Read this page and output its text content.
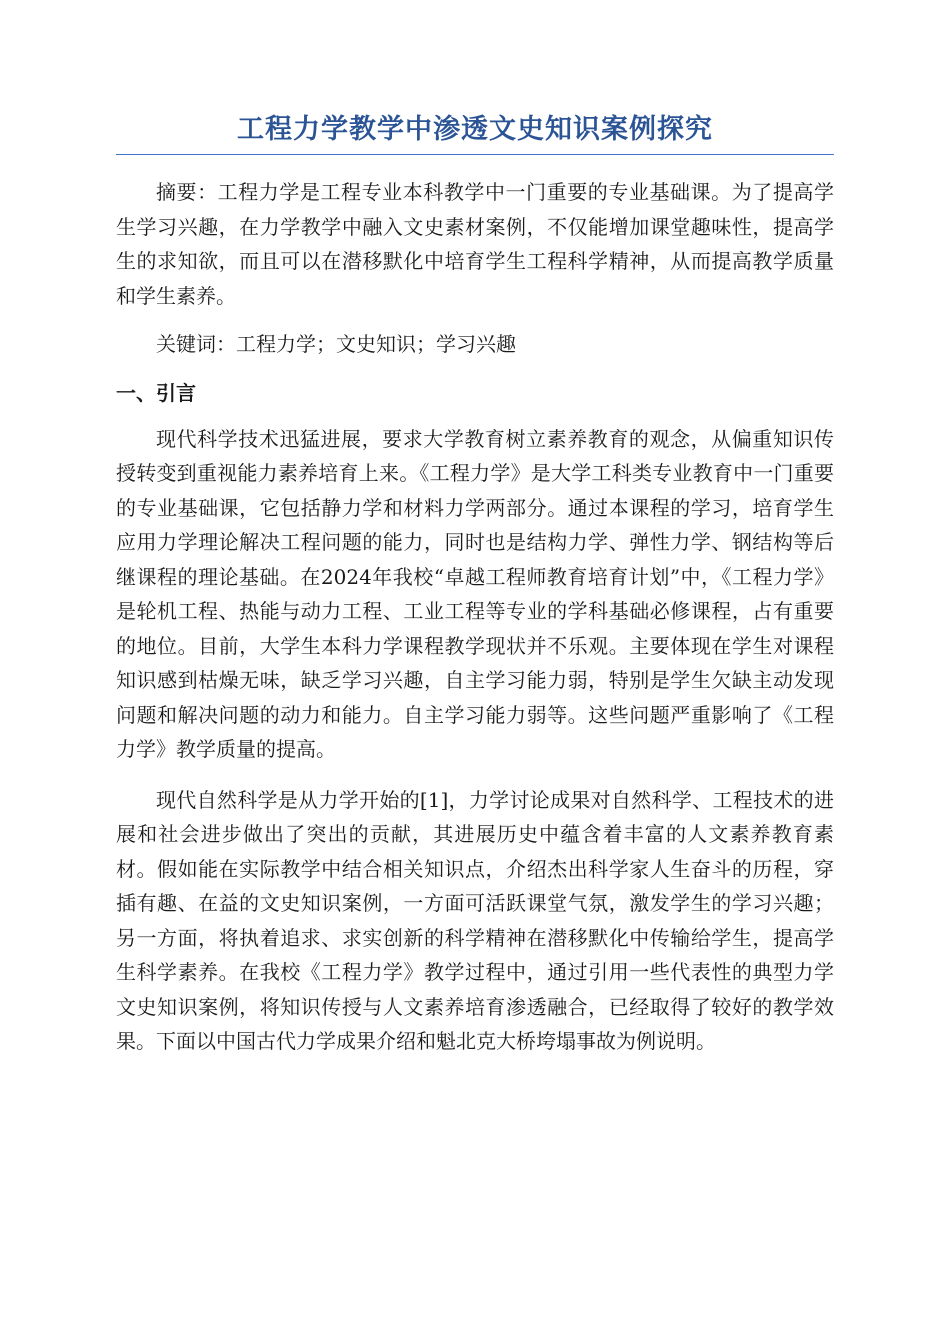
工程力学教学中渗透文史知识案例探究

摘要：工程力学是工程专业本科教学中一门重要的专业基础课。为了提高学生学习兴趣，在力学教学中融入文史素材案例，不仅能增加课堂趣味性，提高学生的求知欲，而且可以在潜移默化中培育学生工程科学精神，从而提高教学质量和学生素养。

关键词：工程力学；文史知识；学习兴趣

一、引言

现代科学技术迅猛进展，要求大学教育树立素养教育的观念，从偏重知识传授转变到重视能力素养培育上来。《工程力学》是大学工科类专业教育中一门重要的专业基础课，它包括静力学和材料力学两部分。通过本课程的学习，培育学生应用力学理论解决工程问题的能力，同时也是结构力学、弹性力学、钢结构等后继课程的理论基础。在2024年我校“卓越工程师教育培育计划”中，《工程力学》是轮机工程、热能与动力工程、工业工程等专业的学科基础必修课程，占有重要的地位。目前，大学生本科力学课程教学现状并不乐观。主要体现在学生对课程知识感到枯燥无味，缺乏学习兴趣，自主学习能力弱，特别是学生欠缺主动发现问题和解决问题的动力和能力。自主学习能力弱等。这些问题严重影响了《工程力学》教学质量的提高。

现代自然科学是从力学开始的[1]，力学讨论成果对自然科学、工程技术的进展和社会进步做出了突出的贡献，其进展历史中蕴含着丰富的人文素养教育素材。假如能在实际教学中结合相关知识点，介绍杰出科学家人生奋斗的历程，穿插有趣、在益的文史知识案例，一方面可活跃课堂气氛，激发学生的学习兴趣；另一方面，将执着追求、求实创新的科学精神在潜移默化中传输给学生，提高学生科学素养。在我校《工程力学》教学过程中，通过引用一些代表性的典型力学文史知识案例，将知识传授与人文素养培育渗透融合，已经取得了较好的教学效果。下面以中国古代力学成果介绍和魁北克大桥垮塌事故为例说明。
